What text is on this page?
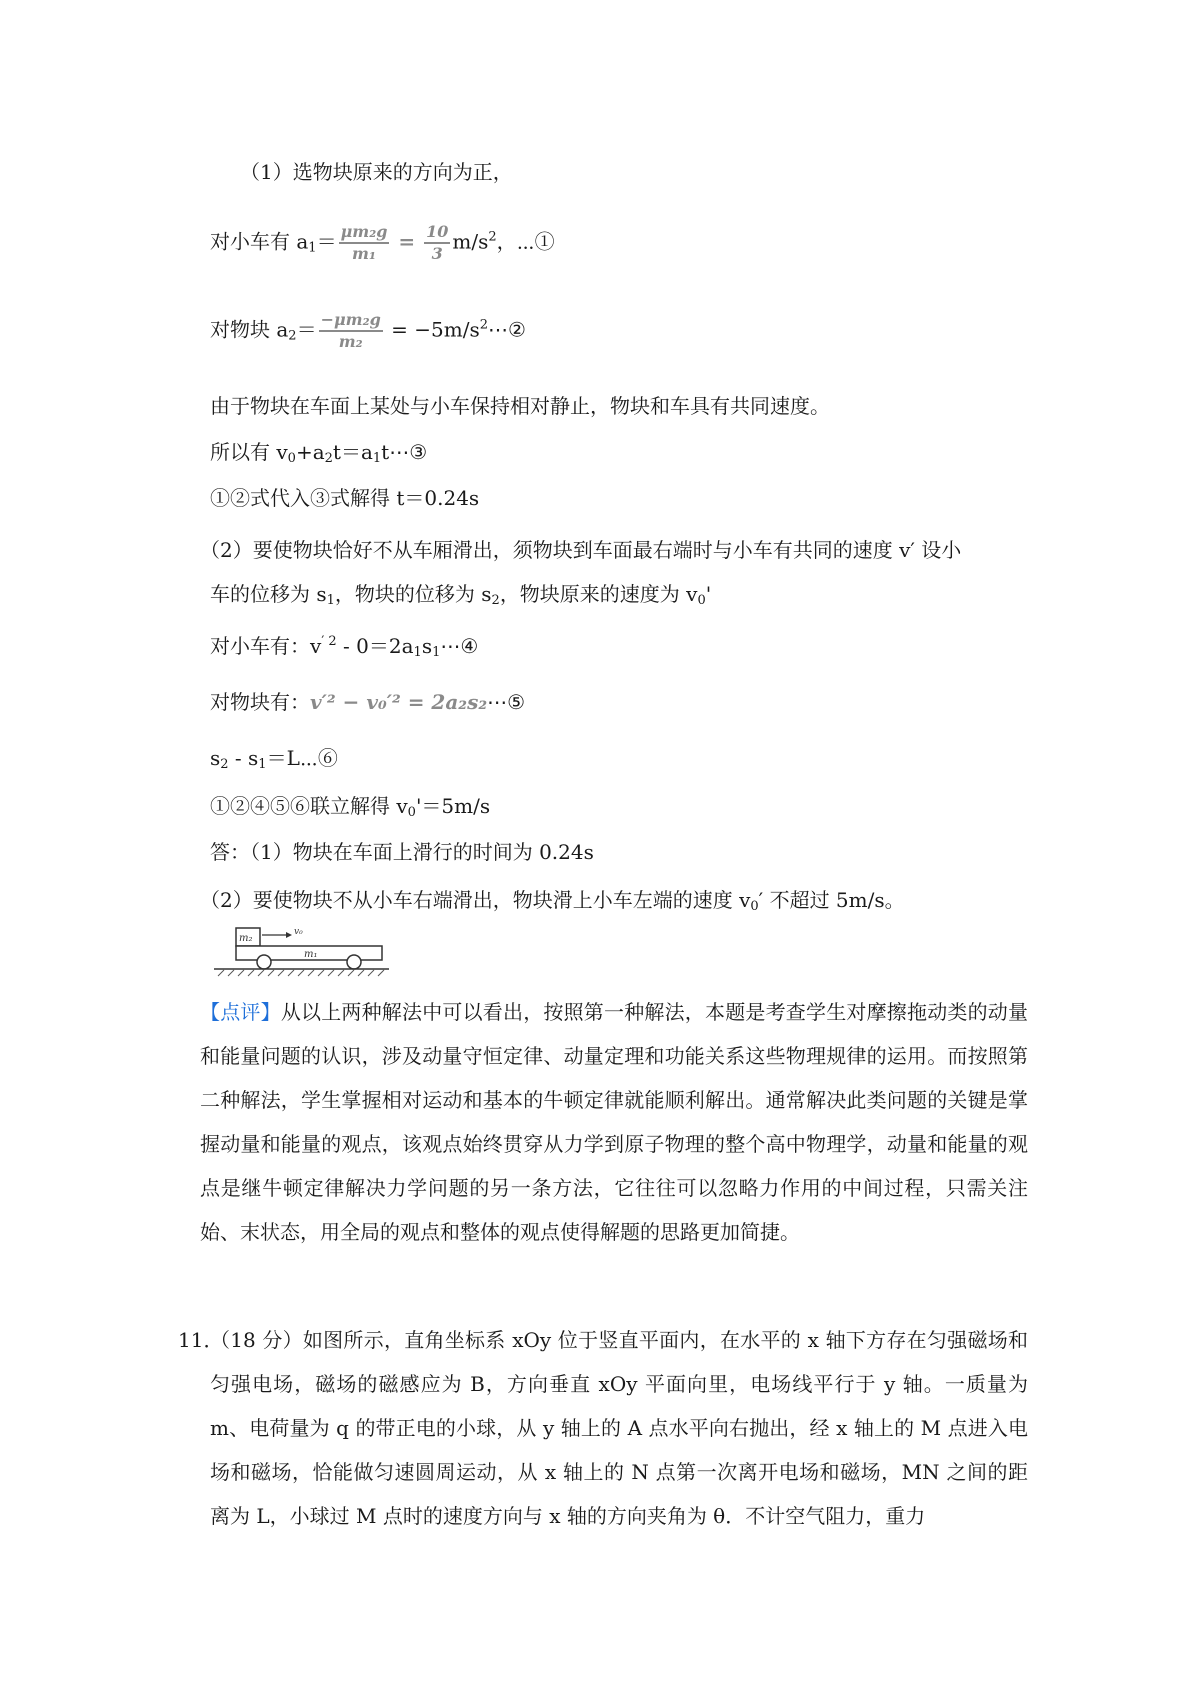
（1）选物块原来的方向为正，
对小车有 $a_1= \frac{\text{μm₂g}}{\text{m₁}} = \frac{10}{3} m/s^2$，⋯①
对物块 $a_2= \frac{\text{−μm₂g}}{\text{m₂}}$ = $-5m/s^2\cdots ②$
由于物块在车面上某处与小车保持相对静止，物块和车具有共同速度。
所以有 $v_0+a_2t=a_1t\cdots ③$
①②式代入③式解得 t＝0.24s
（2）要使物块恰好不从车厢滑出，须物块到车面最右端时与小车有共同的速度 v′ 设小
车的位移为 $s_1$，物块的位移为 $s_2$，物块原来的速度为 $v_0'$
对小车有：$v^{' 2}$ - $0=2a_1s_1\cdots ④$
对物块有：v′² − v₀′² = 2a₂s₂⋯⑤
$s_2$ - $s_1=L\cdots ⑥$
①②④⑤⑥联立解得 $v_0'=5m/s$
答：（1）物块在车面上滑行的时间为 0.24s
（2）要使物块不从小车右端滑出，物块滑上小车左端的速度 $v_0'$ 不超过 5m/s。
m₂
v₀
m₁
【点评】从以上两种解法中可以看出，按照第一种解法，本题是考查学生对摩擦拖动类的动量和能量问题的认识，涉及动量守恒定律、动量定理和功能关系这些物理规律的运用。而按照第二种解法，学生掌握相对运动和基本的牛顿定律就能顺利解出。通常解决此类问题的关键是掌握动量和能量的观点，该观点始终贯穿从力学到原子物理的整个高中物理学，动量和能量的观点是继牛顿定律解决力学问题的另一条方法，它往往可以忽略力作用的中间过程，只需关注始、末状态，用全局的观点和整体的观点使得解题的思路更加简捷。
11．
（18 分）如图所示，直角坐标系 xOy 位于竖直平面内，在水平的 x 轴下方存在匀强磁场和匀强电场，磁场的磁感应为 B，方向垂直 xOy 平面向里，电场线平行于 y 轴。一质量为 m、电荷量为 q 的带正电的小球，从 y 轴上的 A 点水平向右抛出，经 x 轴上的 M 点进入电场和磁场，恰能做匀速圆周运动，从 x 轴上的 N 点第一次离开电场和磁场，MN 之间的距离为 L，小球过 M 点时的速度方向与 x 轴的方向夹角为 θ．不计空气阻力，重力
